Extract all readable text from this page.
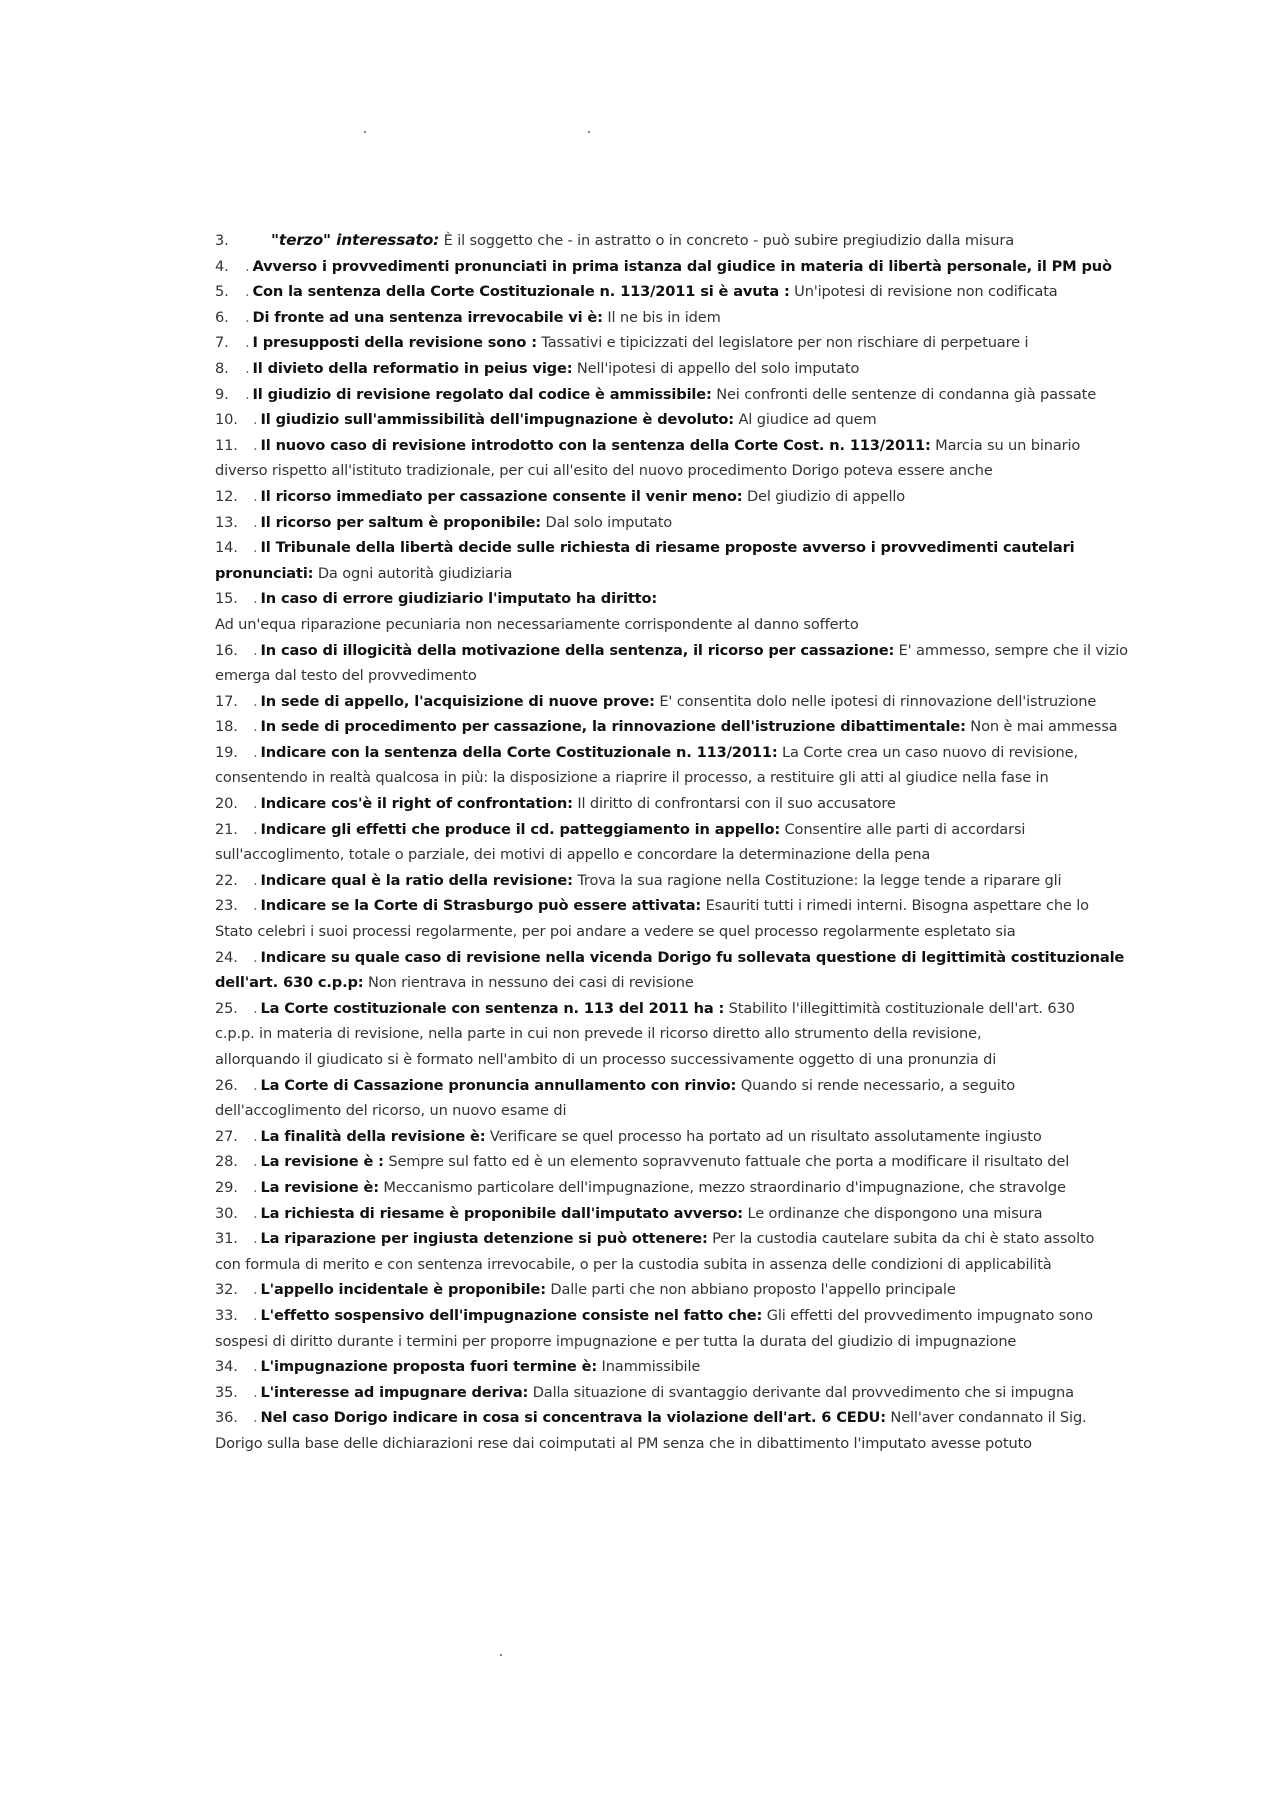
3.	"terzo" interessato: È il soggetto che - in astratto o in concreto - può subire pregiudizio dalla misura

4. . Avverso i provvedimenti pronunciati in prima istanza dal giudice in materia di libertà personale, il PM può

5. . Con la sentenza della Corte Costituzionale n. 113/2011 si è avuta : Un'ipotesi di revisione non codificata

6. . Di fronte ad una sentenza irrevocabile vi è: Il ne bis in idem

7. . I presupposti della revisione sono : Tassativi e tipicizzati del legislatore per non rischiare di perpetuare i

8. . Il divieto della reformatio in peius vige: Nell'ipotesi di appello del solo imputato

9. . Il giudizio di revisione regolato dal codice è ammissibile: Nei confronti delle sentenze di condanna già passate

10. . Il giudizio sull'ammissibilità dell'impugnazione è devoluto: Al giudice ad quem

11. . Il nuovo caso di revisione introdotto con la sentenza della Corte Cost. n. 113/2011: Marcia su un binario
diverso rispetto all'istituto tradizionale, per cui all'esito del nuovo procedimento Dorigo poteva essere anche

12. . Il ricorso immediato per cassazione consente il venir meno: Del giudizio di appello

13. . Il ricorso per saltum è proponibile: Dal solo imputato

14. . Il Tribunale della libertà decide sulle richiesta di riesame proposte avverso i provvedimenti cautelari
pronunciati: Da ogni autorità giudiziaria

15. . In caso di errore giudiziario l'imputato ha diritto:
Ad un'equa riparazione pecuniaria non necessariamente corrispondente al danno sofferto

16. . In caso di illogicità della motivazione della sentenza, il ricorso per cassazione: E' ammesso, sempre che il vizio
emerga dal testo del provvedimento

17. . In sede di appello, l'acquisizione di nuove prove: E' consentita dolo nelle ipotesi di rinnovazione dell'istruzione

18. . In sede di procedimento per cassazione, la rinnovazione dell'istruzione dibattimentale: Non è mai ammessa

19. . Indicare con la sentenza della Corte Costituzionale n. 113/2011: La Corte crea un caso nuovo di revisione,
consentendo in realtà qualcosa in più: la disposizione a riaprire il processo, a restituire gli atti al giudice nella fase in

20. . Indicare cos'è il right of confrontation: Il diritto di confrontarsi con il suo accusatore

21. . Indicare gli effetti che produce il cd. patteggiamento in appello: Consentire alle parti di accordarsi
sull'accoglimento, totale o parziale, dei motivi di appello e concordare la determinazione della pena

22. . Indicare qual è la ratio della revisione: Trova la sua ragione nella Costituzione: la legge tende a riparare gli

23. . Indicare se la Corte di Strasburgo può essere attivata: Esauriti tutti i rimedi interni. Bisogna aspettare che lo
Stato celebri i suoi processi regolarmente, per poi andare a vedere se quel processo regolarmente espletato sia

24. . Indicare su quale caso di revisione nella vicenda Dorigo fu sollevata questione di legittimità costituzionale
dell'art. 630 c.p.p: Non rientrava in nessuno dei casi di revisione

25. . La Corte costituzionale con sentenza n. 113 del 2011 ha : Stabilito l'illegittimità costituzionale dell'art. 630
c.p.p. in materia di revisione, nella parte in cui non prevede il ricorso diretto allo strumento della revisione,
allorquando il giudicato si è formato nell'ambito di un processo successivamente oggetto di una pronunzia di

26. . La Corte di Cassazione pronuncia annullamento con rinvio: Quando si rende necessario, a seguito
dell'accoglimento del ricorso, un nuovo esame di

27. . La finalità della revisione è: Verificare se quel processo ha portato ad un risultato assolutamente ingiusto

28. . La revisione è : Sempre sul fatto ed è un elemento sopravvenuto fattuale che porta a modificare il risultato del

29. . La revisione è: Meccanismo particolare dell'impugnazione, mezzo straordinario d'impugnazione, che stravolge

30. . La richiesta di riesame è proponibile dall'imputato avverso: Le ordinanze che dispongono una misura

31. . La riparazione per ingiusta detenzione si può ottenere: Per la custodia cautelare subita da chi è stato assolto
con formula di merito e con sentenza irrevocabile, o per la custodia subita in assenza delle condizioni di applicabilità

32. . L'appello incidentale è proponibile: Dalle parti che non abbiano proposto l'appello principale

33. . L'effetto sospensivo dell'impugnazione consiste nel fatto che: Gli effetti del provvedimento impugnato sono
sospesi di diritto durante i termini per proporre impugnazione e per tutta la durata del giudizio di impugnazione

34. . L'impugnazione proposta fuori termine è: Inammissibile

35. . L'interesse ad impugnare deriva: Dalla situazione di svantaggio derivante dal provvedimento che si impugna

36. . Nel caso Dorigo indicare in cosa si concentrava la violazione dell'art. 6 CEDU: Nell'aver condannato il Sig.
Dorigo sulla base delle dichiarazioni rese dai coimputati al PM senza che in dibattimento l'imputato avesse potuto
